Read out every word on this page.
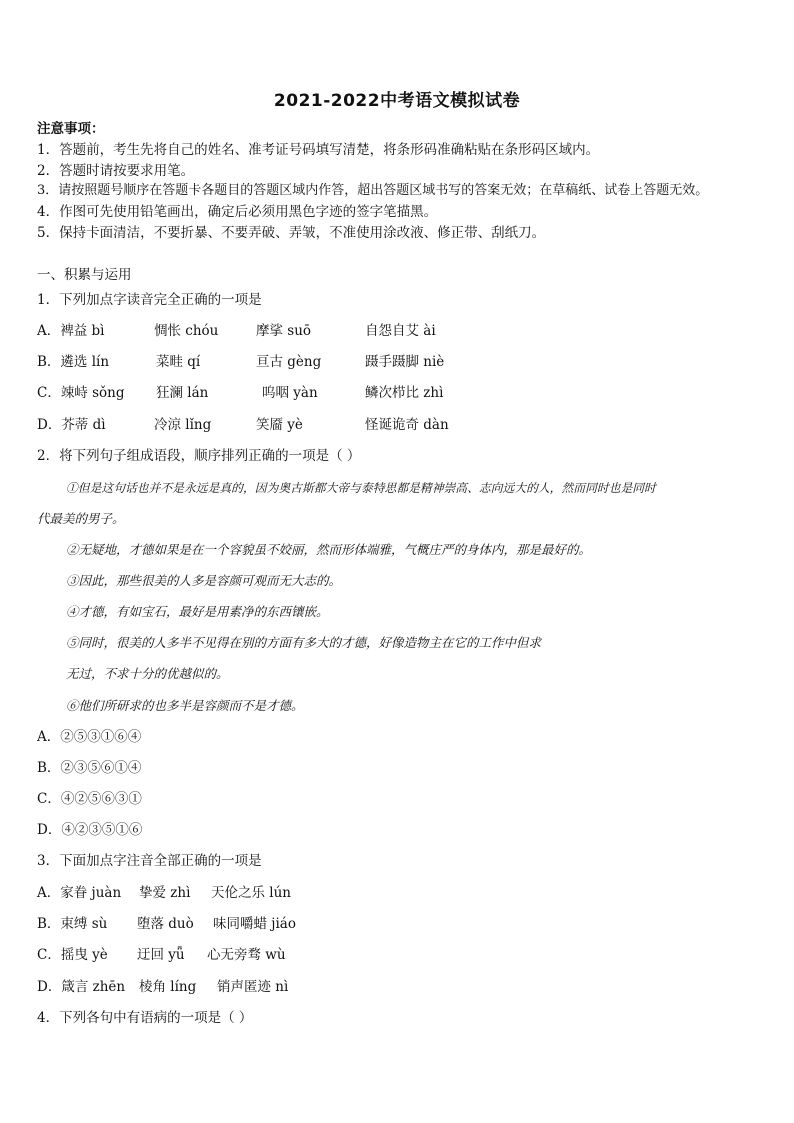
2021-2022中考语文模拟试卷
注意事项：
1．答题前，考生先将自己的姓名、准考证号码填写清楚，将条形码准确粘贴在条形码区域内。
2．答题时请按要求用笔。
3．请按照题号顺序在答题卡各题目的答题区域内作答，超出答题区域书写的答案无效；在草稿纸、试卷上答题无效。
4．作图可先使用铅笔画出，确定后必须用黑色字迹的签字笔描黑。
5．保持卡面清洁，不要折暴、不要弄破、弄皱，不准使用涂改液、修正带、刮纸刀。
一、积累与运用
1．下列加点字读音完全正确的一项是
A．裨益 bì	惆怅 chóu	摩挲 suō	自怨自艾 ài
B．遴选 lín	菜畦 qí	亘古 gèng	蹑手蹑脚 niè
C．竦峙 sǒng 狂澜 lán	呜咽 yàn	鳞次栉比 zhì
D．芥蒂 dì	冷涼 lǐng	笑靥 yè	怪诞诡奇 dàn
2．将下列句子组成语段，顺序排列正确的一项是（ ）
①但是这句话也并不是永远是真的，因为奥古斯都大帝与泰特思都是精神崇高、志向远大的人，然而同时也是同时
代最美的男子。
②无疑地，才德如果是在一个容貌虽不姣丽，然而形体端雅，气概庄严的身体内，那是最好的。
③因此，那些很美的人多是容颜可观而无大志的。
④才德，有如宝石，最好是用素净的东西镶嵌。
⑤同时，很美的人多半不见得在别的方面有多大的才德，好像造物主在它的工作中但求
无过，不求十分的优越似的。
⑥他们所研求的也多半是容颜而不是才德。
A．②⑤③①⑥④
B．②③⑤⑥①④
C．④②⑤⑥③①
D．④②③⑤①⑥
3．下面加点字注音全部正确的一项是
A．家眷 juàn 挚爱 zhì 天伦之乐 lún
B．束缚 sù 堕落 duò 味同嚼蜡 jiáo
C．摇曳 yè 迂回 yǖ 心无旁骛 wù
D．箴言 zhēn 棱角 líng 销声匿迹 nì
4．下列各句中有语病的一项是（ ）
